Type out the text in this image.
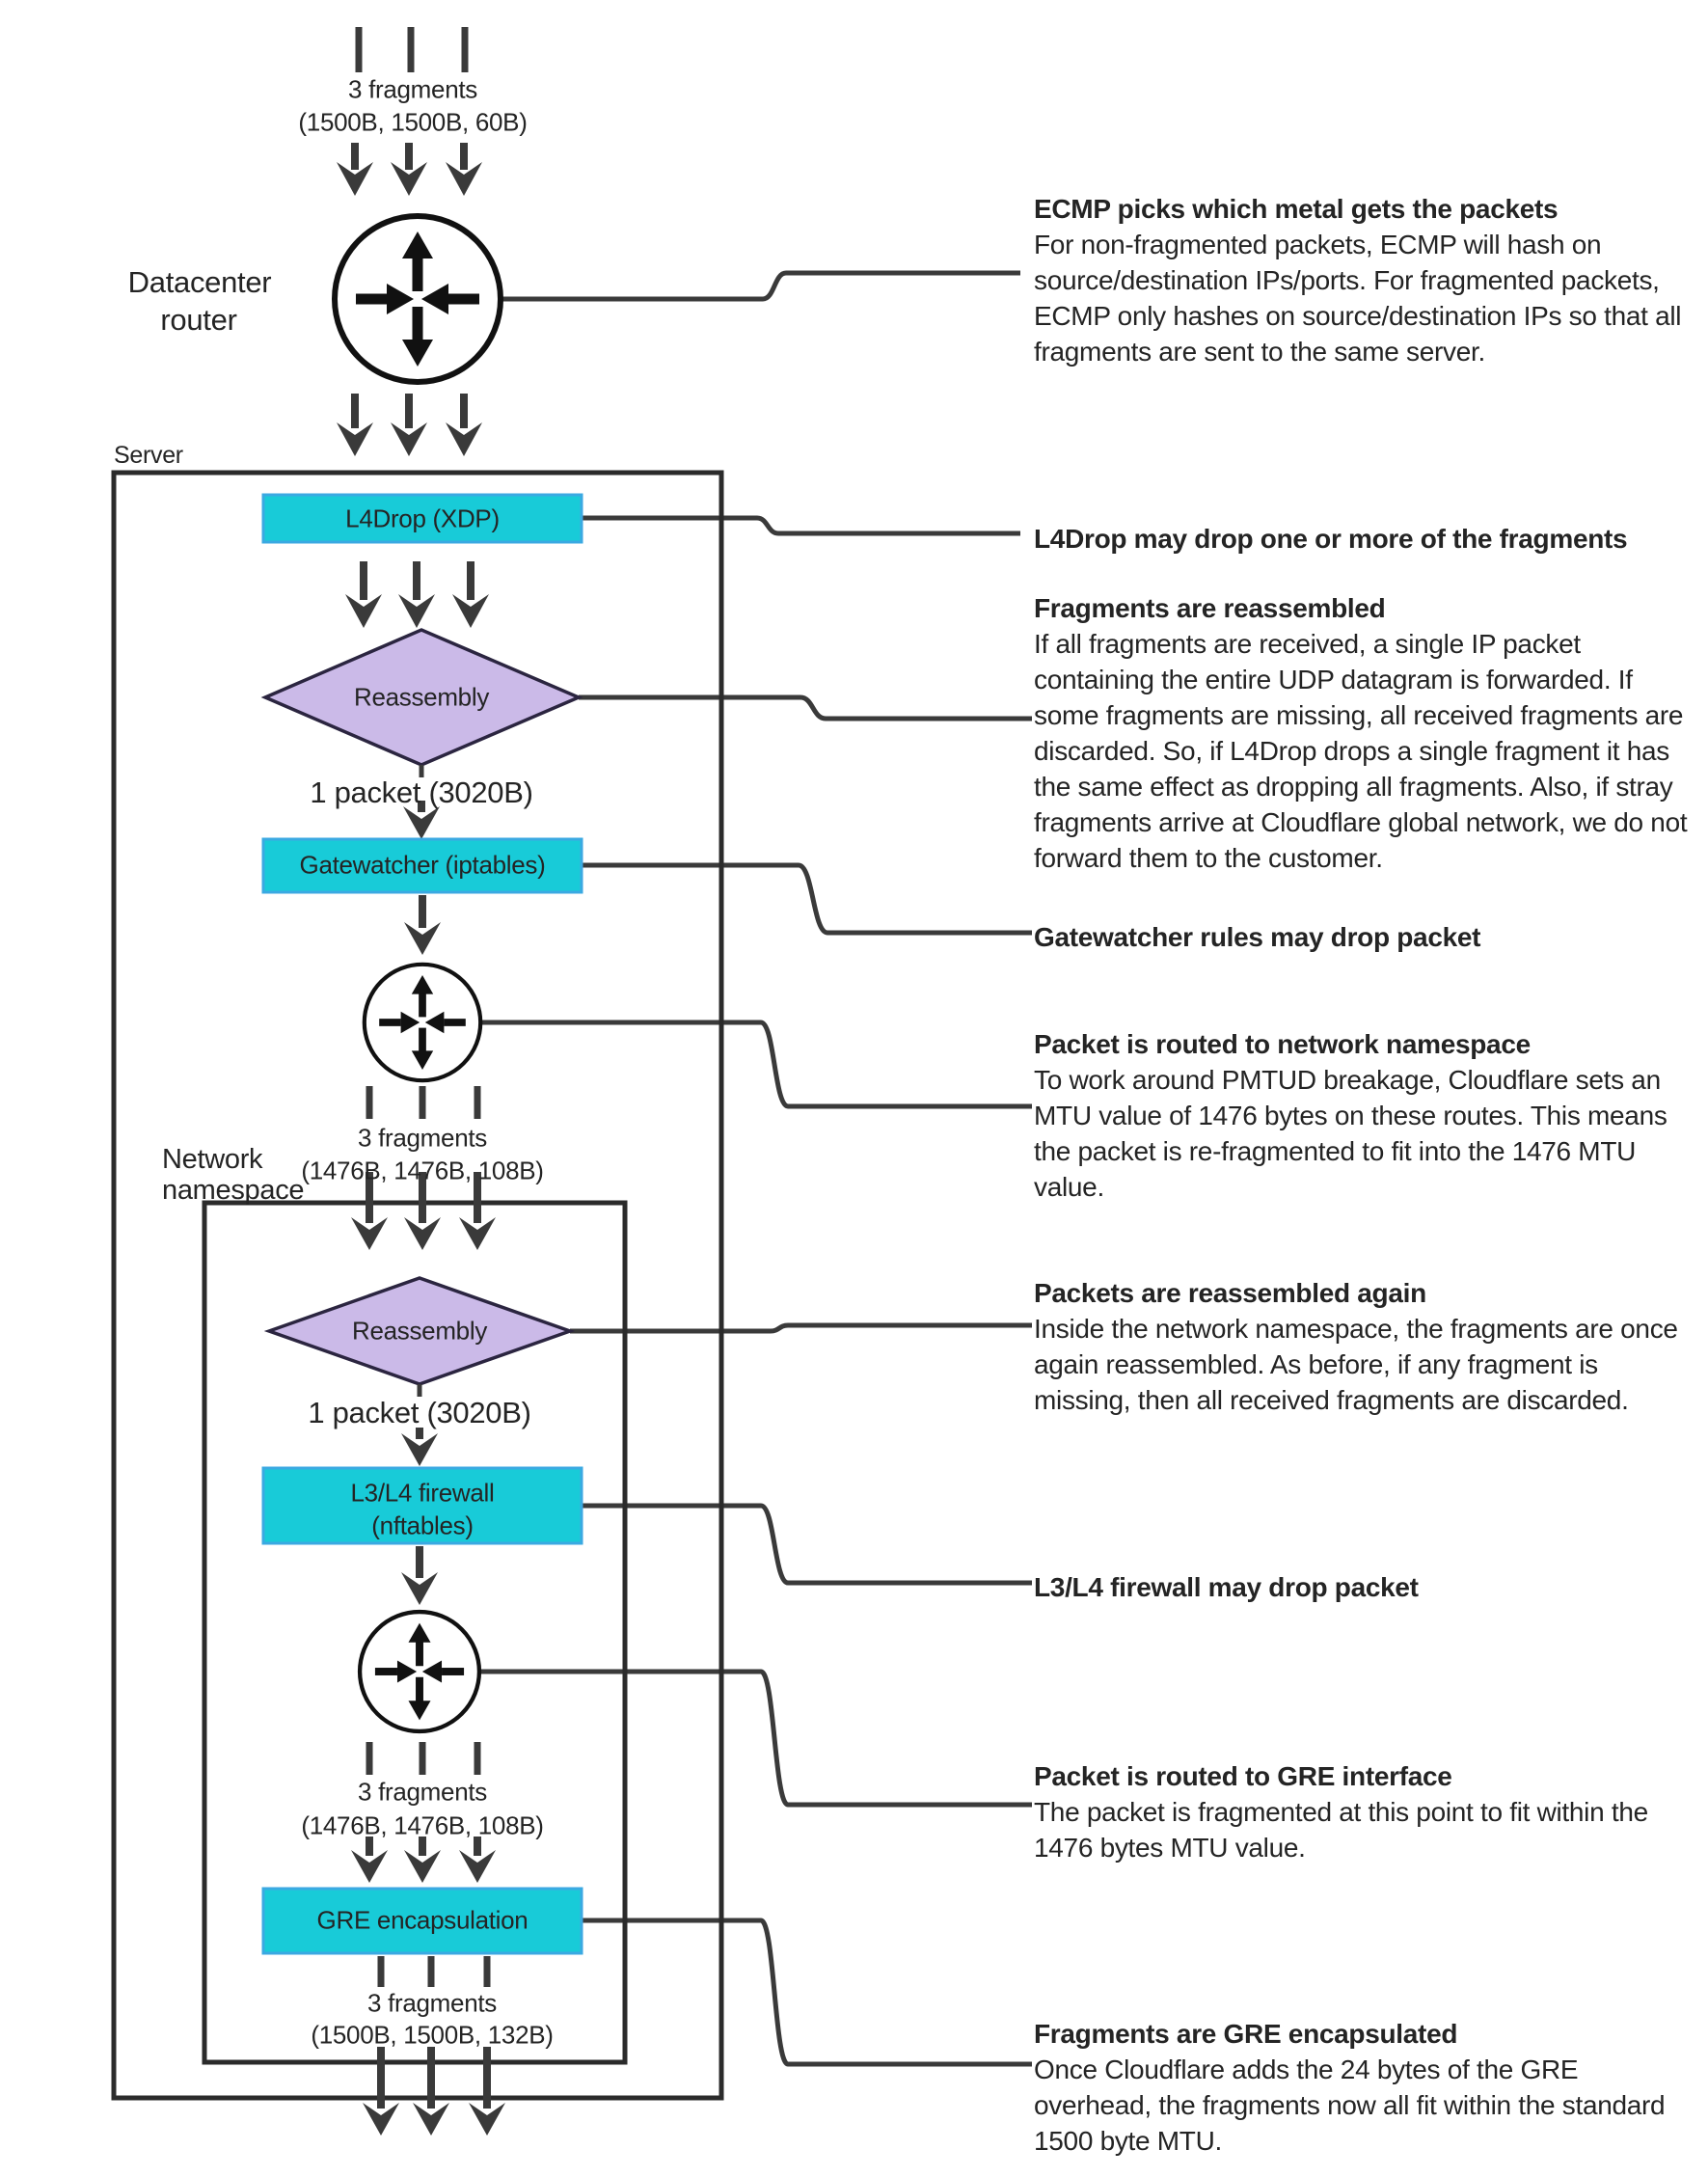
3 fragments
(1500B, 1500B, 60B)
Datacenter
router
Server
L4Drop (XDP)
Reassembly
1 packet (3020B)
Gatewatcher (iptables)
3 fragments
(1476B, 1476B, 108B)
Network
namespace
Reassembly
1 packet (3020B)
L3/L4 firewall
(nftables)
3 fragments
(1476B, 1476B, 108B)
GRE encapsulation
3 fragments
(1500B, 1500B, 132B)
ECMP picks which metal gets the packets

For non-fragmented packets, ECMP will hash on source/destination IPs/ports. For fragmented packets, ECMP only hashes on source/destination IPs so that all fragments are sent to the same server.

L4Drop may drop one or more of the fragments
Fragments are reassembled

If all fragments are received, a single IP packet containing the entire UDP datagram is forwarded. If some fragments are missing, all received fragments are discarded. So, if L4Drop drops a single fragment it has the same effect as dropping all fragments. Also, if stray fragments arrive at Cloudflare global network, we do not forward them to the customer.

Gatewatcher rules may drop packet
Packet is routed to network namespace

To work around PMTUD breakage, Cloudflare sets an MTU value of 1476 bytes on these routes. This means the packet is re-fragmented to fit into the 1476 MTU value.

Packets are reassembled again

Inside the network namespace, the fragments are once again reassembled. As before, if any fragment is missing, then all received fragments are discarded.

L3/L4 firewall may drop packet
Packet is routed to GRE interface

The packet is fragmented at this point to fit within the 1476 bytes MTU value.

Fragments are GRE encapsulated

Once Cloudflare adds the 24 bytes of the GRE overhead, the fragments now all fit within the standard 1500 byte MTU.
